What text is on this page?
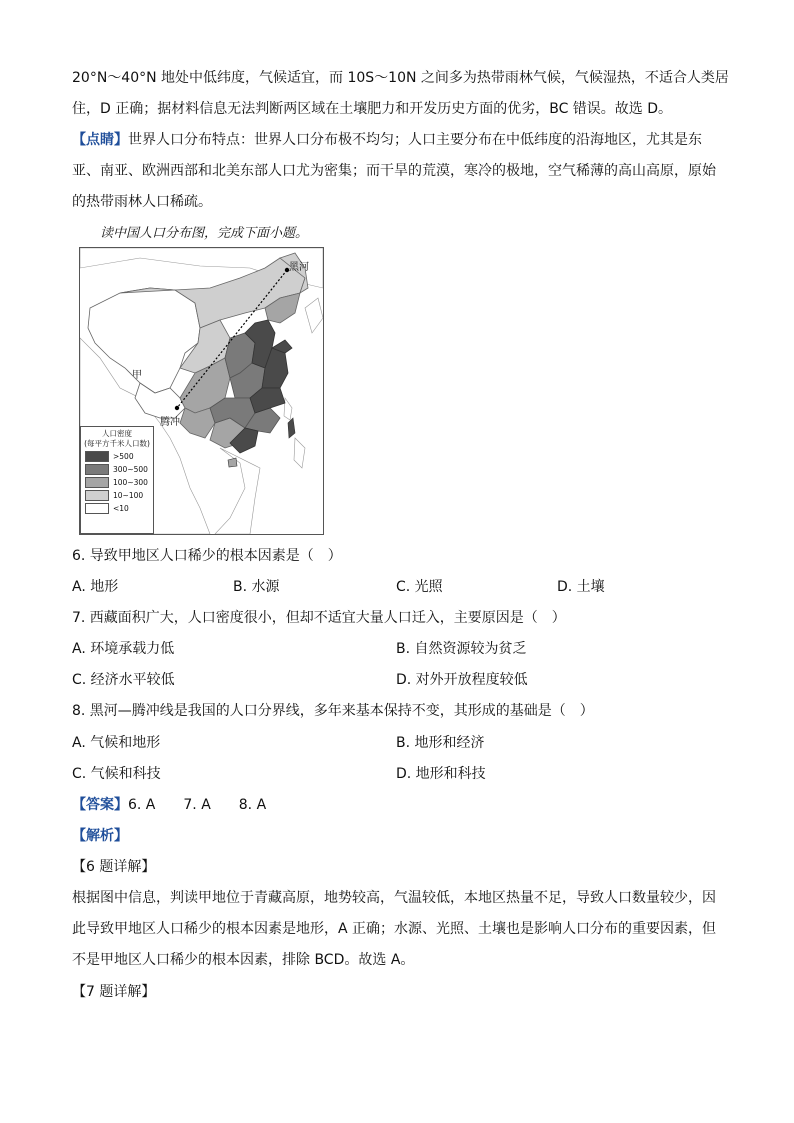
20°N～40°N 地处中低纬度，气候适宜，而 10S～10N 之间多为热带雨林气候，气候湿热，不适合人类居
住，D 正确；据材料信息无法判断两区域在土壤肥力和开发历史方面的优劣，BC 错误。故选 D。
【点睛】世界人口分布特点：世界人口分布极不均匀；人口主要分布在中低纬度的沿海地区，尤其是东
亚、南亚、欧洲西部和北美东部人口尤为密集；而干旱的荒漠，寒冷的极地，空气稀薄的高山高原，原始
的热带雨林人口稀疏。
读中国人口分布图，完成下面小题。
黑河
腾冲
甲
人口密度
(每平方千米人口数)
>500
300~500
100~300
10~100
<10
6. 导致甲地区人口稀少的根本因素是（　）
A. 地形	B. 水源	C. 光照	D. 土壤
7. 西藏面积广大，人口密度很小，但却不适宜大量人口迁入，主要原因是（　）
A. 环境承载力低	B. 自然资源较为贫乏
C. 经济水平较低	D. 对外开放程度较低
8. 黑河—腾冲线是我国的人口分界线，多年来基本保持不变，其形成的基础是（　）
A. 气候和地形	B. 地形和经济
C. 气候和科技	D. 地形和科技
【答案】6. A　　7. A　　8. A
【解析】
【6 题详解】
根据图中信息，判读甲地位于青藏高原，地势较高，气温较低，本地区热量不足，导致人口数量较少，因
此导致甲地区人口稀少的根本因素是地形，A 正确；水源、光照、土壤也是影响人口分布的重要因素，但
不是甲地区人口稀少的根本因素，排除 BCD。故选 A。
【7 题详解】
